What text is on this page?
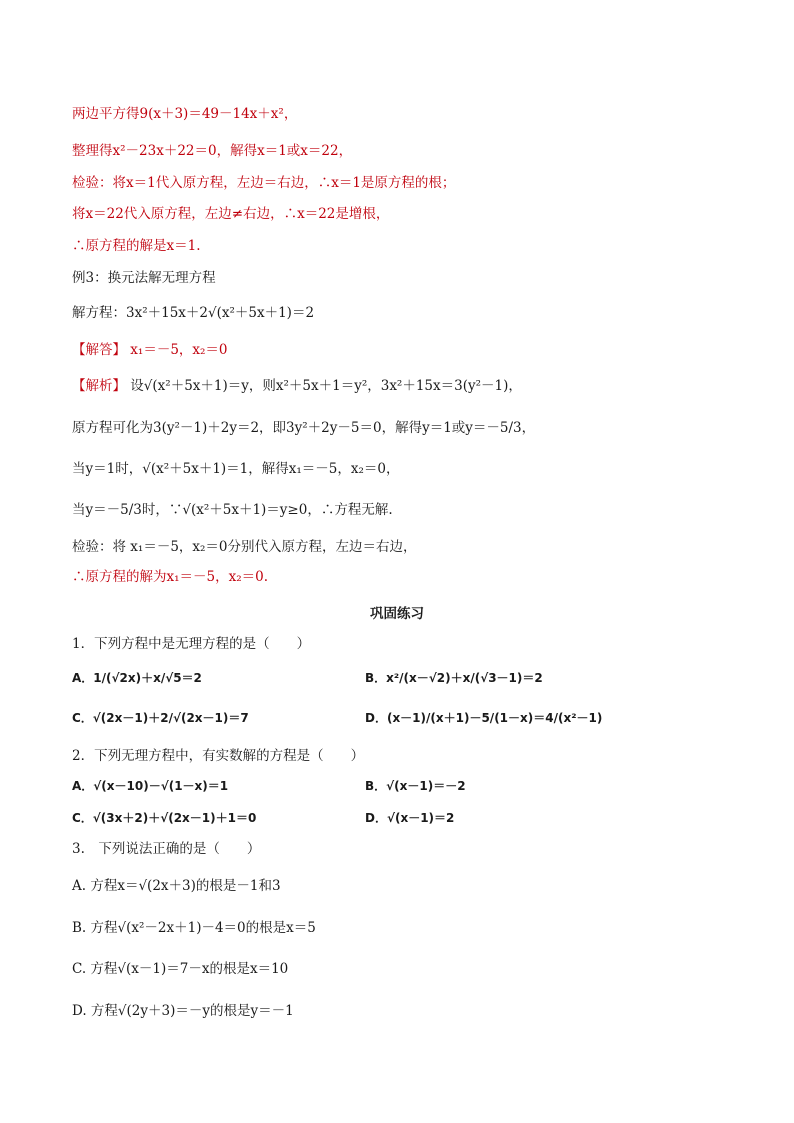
两边平方得9(x＋3)＝49－14x＋x²，
整理得x²－23x＋22＝0，解得x＝1或x＝22，
检验：将x＝1代入原方程，左边＝右边，∴x＝1是原方程的根；
将x＝22代入原方程，左边≠右边，∴x＝22是增根，
∴原方程的解是x＝1.
例3：换元法解无理方程
解方程：3x²＋15x＋2√(x²＋5x＋1)＝2
【解答】 x₁＝－5，x₂＝0
【解析】 设√(x²＋5x＋1)＝y，则x²＋5x＋1＝y²，3x²＋15x＝3(y²－1)，
原方程可化为3(y²－1)＋2y＝2，即3y²＋2y－5＝0，解得y＝1或y＝－5/3，
当y＝1时，√(x²＋5x＋1)＝1，解得x₁＝－5，x₂＝0，
当y＝－5/3时，∵√(x²＋5x＋1)＝y≥0，∴方程无解.
检验：将 x₁＝－5，x₂＝0分别代入原方程，左边＝右边，
∴原方程的解为x₁＝－5，x₂＝0.
巩固练习
1．下列方程中是无理方程的是（　　）
A．1/(√2x)＋x/√5＝2	B．x²/(x－√2)＋x/(√3－1)＝2
C．√(2x－1)＋2/√(2x－1)＝7	D．(x－1)/(x＋1)－5/(1－x)＝4/(x²－1)
2．下列无理方程中，有实数解的方程是（　　）
A．√(x－10)－√(1－x)＝1	B．√(x－1)＝－2
C．√(3x＋2)＋√(2x－1)＋1＝0	D．√(x－1)＝2
3.　下列说法正确的是（　　）
A. 方程x＝√(2x＋3)的根是－1和3
B. 方程√(x²－2x＋1)－4＝0的根是x＝5
C. 方程√(x－1)＝7－x的根是x＝10
D. 方程√(2y＋3)＝－y的根是y＝－1
